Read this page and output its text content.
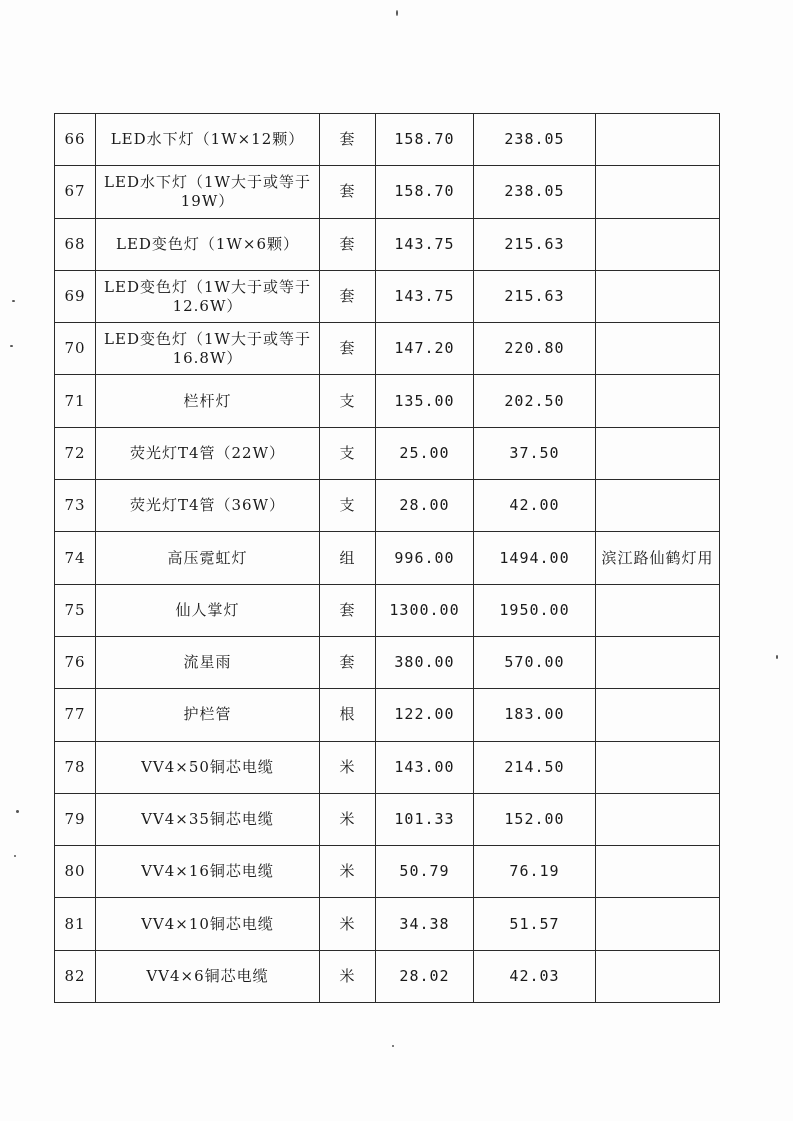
66	LED水下灯（1W×12颗）	套	158.70	238.05	
67	LED水下灯（1W大于或等于19W）	套	158.70	238.05	
68	LED变色灯（1W×6颗）	套	143.75	215.63	
69	LED变色灯（1W大于或等于12.6W）	套	143.75	215.63	
70	LED变色灯（1W大于或等于16.8W）	套	147.20	220.80	
71	栏杆灯	支	135.00	202.50	
72	荧光灯T4管（22W）	支	25.00	37.50	
73	荧光灯T4管（36W）	支	28.00	42.00	
74	高压霓虹灯	组	996.00	1494.00	滨江路仙鹤灯用
75	仙人掌灯	套	1300.00	1950.00	
76	流星雨	套	380.00	570.00	
77	护栏管	根	122.00	183.00	
78	VV4×50铜芯电缆	米	143.00	214.50	
79	VV4×35铜芯电缆	米	101.33	152.00	
80	VV4×16铜芯电缆	米	50.79	76.19	
81	VV4×10铜芯电缆	米	34.38	51.57	
82	VV4×6铜芯电缆	米	28.02	42.03	
